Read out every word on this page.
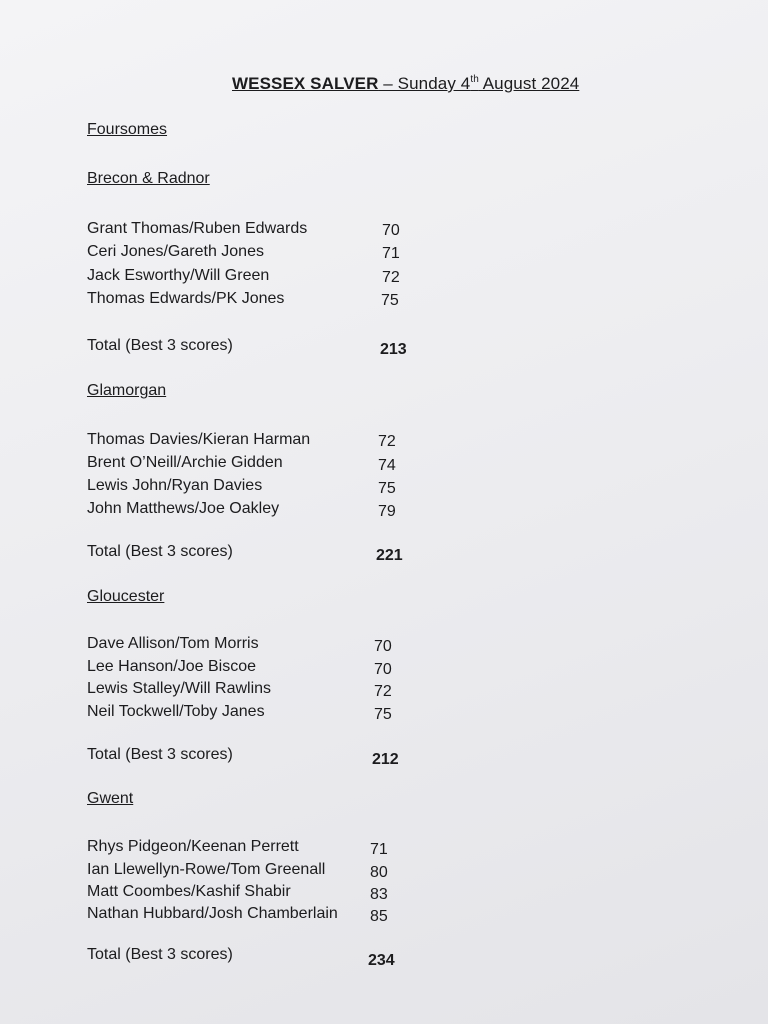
WESSEX SALVER – Sunday 4th August 2024
Foursomes
Brecon & Radnor
Grant Thomas/Ruben Edwards	70
Ceri Jones/Gareth Jones	71
Jack Esworthy/Will Green	72
Thomas Edwards/PK Jones	75
Total (Best 3 scores)	213
Glamorgan
Thomas Davies/Kieran Harman	72
Brent O’Neill/Archie Gidden	74
Lewis John/Ryan Davies	75
John Matthews/Joe Oakley	79
Total (Best 3 scores)	221
Gloucester
Dave Allison/Tom Morris	70
Lee Hanson/Joe Biscoe	70
Lewis Stalley/Will Rawlins	72
Neil Tockwell/Toby Janes	75
Total (Best 3 scores)	212
Gwent
Rhys Pidgeon/Keenan Perrett	71
Ian Llewellyn-Rowe/Tom Greenall	80
Matt Coombes/Kashif Shabir	83
Nathan Hubbard/Josh Chamberlain 85
Total (Best 3 scores)	234
